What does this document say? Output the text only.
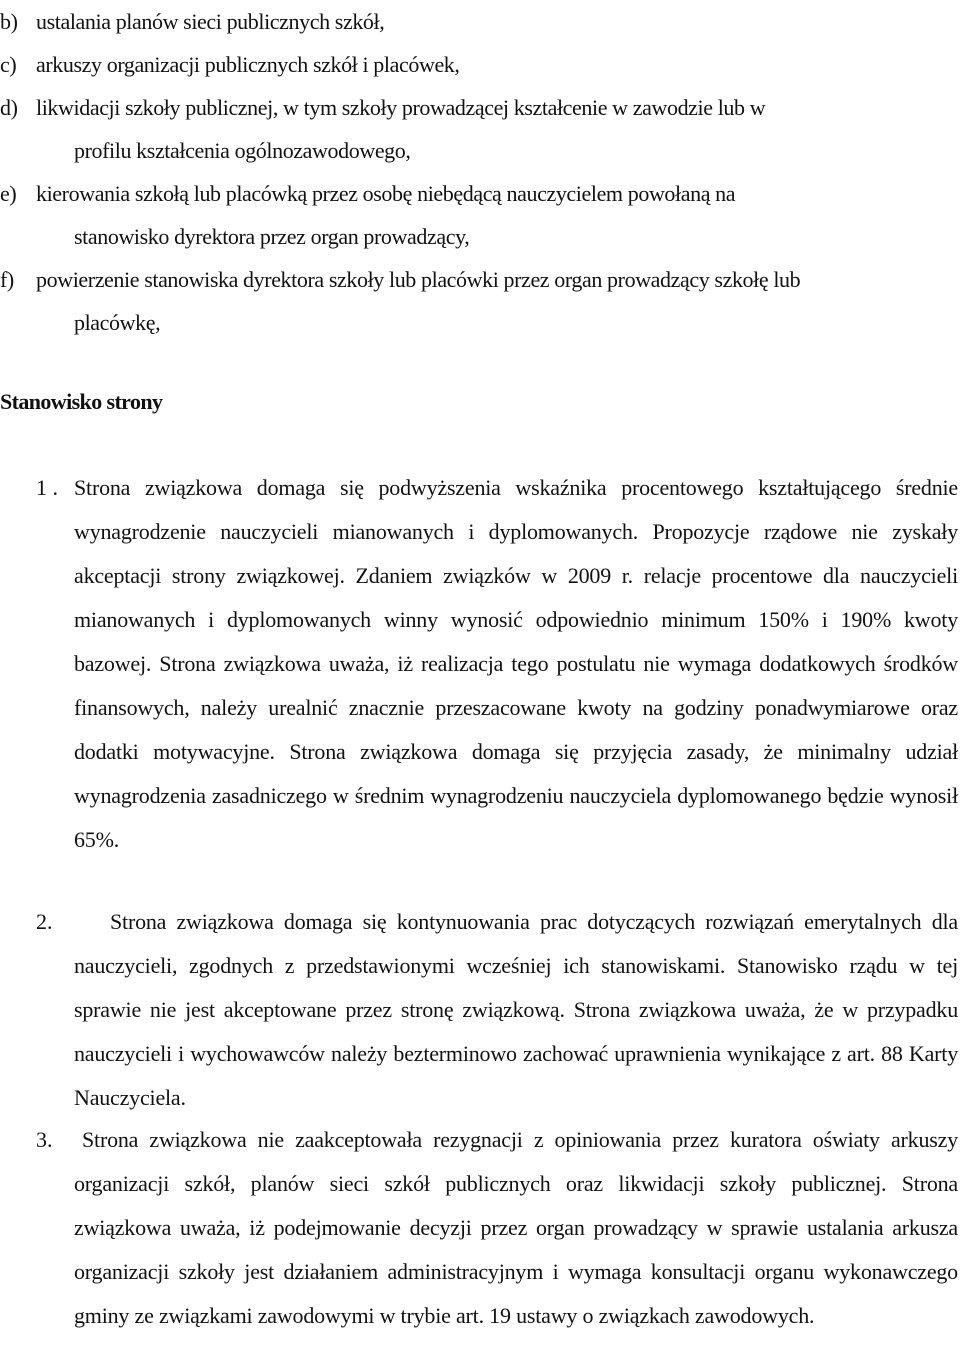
b) ustalania planów sieci publicznych szkół,
c) arkuszy organizacji publicznych szkół i placówek,
d) likwidacji szkoły publicznej, w tym szkoły prowadzącej kształcenie w zawodzie lub w
profilu kształcenia ogólnozawodowego,
e) kierowania szkołą lub placówką przez osobę niebędącą nauczycielem powołaną na
stanowisko dyrektora przez organ prowadzący,
f) powierzenie stanowiska dyrektora szkoły lub placówki przez organ prowadzący szkołę lub
placówkę,
Stanowisko strony
1 . Strona związkowa domaga się podwyższenia wskaźnika procentowego kształtującego średnie wynagrodzenie nauczycieli mianowanych i dyplomowanych. Propozycje rządowe nie zyskały akceptacji strony związkowej. Zdaniem związków w 2009 r. relacje procentowe dla nauczycieli mianowanych i dyplomowanych winny wynosić odpowiednio minimum 150% i 190% kwoty bazowej. Strona związkowa uważa, iż realizacja tego postulatu nie wymaga dodatkowych środków finansowych, należy urealnić znacznie przeszacowane kwoty na godziny ponadwymiarowe oraz dodatki motywacyjne. Strona związkowa domaga się przyjęcia zasady, że minimalny udział wynagrodzenia zasadniczego w średnim wynagrodzeniu nauczyciela dyplomowanego będzie wynosił 65%.
2.	Strona związkowa domaga się kontynuowania prac dotyczących rozwiązań emerytalnych dla nauczycieli, zgodnych z przedstawionymi wcześniej ich stanowiskami. Stanowisko rządu w tej sprawie nie jest akceptowane przez stronę związkową. Strona związkowa uważa, że w przypadku nauczycieli i wychowawców należy bezterminowo zachować uprawnienia wynikające z art. 88 Karty Nauczyciela.
3.	Strona związkowa nie zaakceptowała rezygnacji z opiniowania przez kuratora oświaty arkuszy organizacji szkół, planów sieci szkół publicznych oraz likwidacji szkoły publicznej. Strona związkowa uważa, iż podejmowanie decyzji przez organ prowadzący w sprawie ustalania arkusza organizacji szkoły jest działaniem administracyjnym i wymaga konsultacji organu wykonawczego gminy ze związkami zawodowymi w trybie art. 19 ustawy o związkach zawodowych.
